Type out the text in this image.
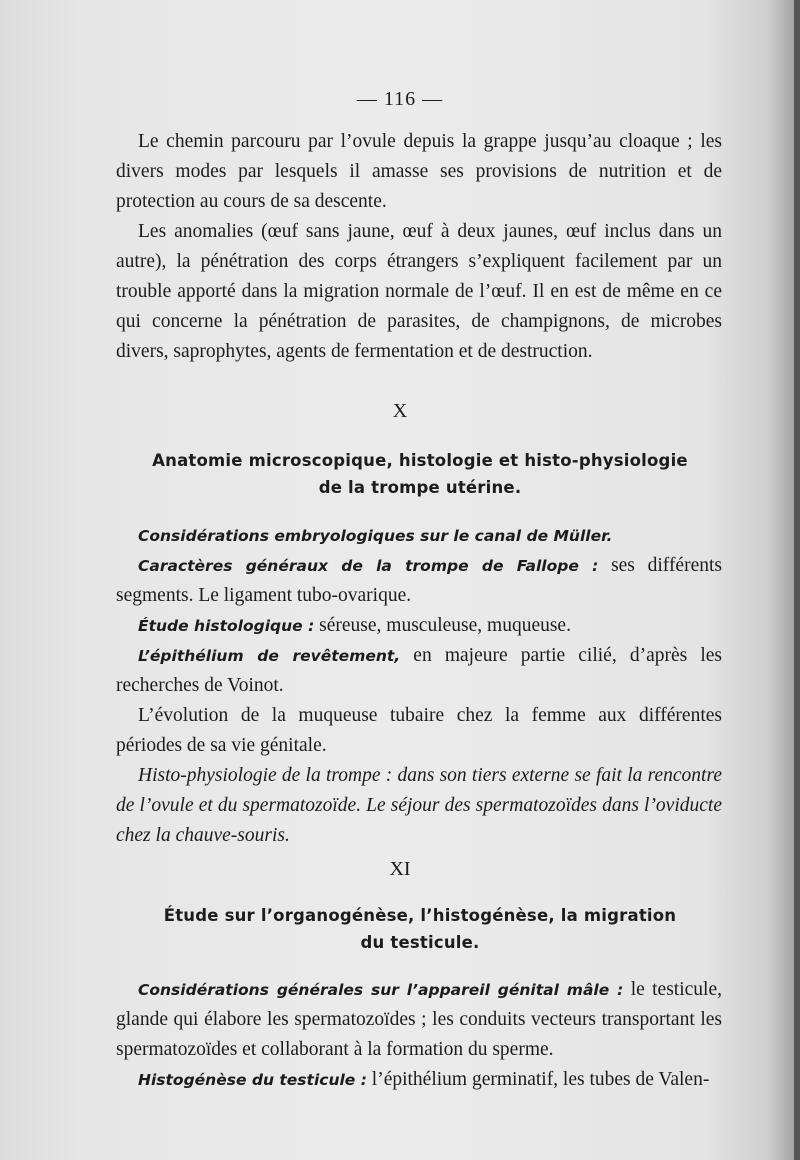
— 116 —

Le chemin parcouru par l’ovule depuis la grappe jusqu’au cloaque ; les divers modes par lesquels il amasse ses provisions de nutrition et de protection au cours de sa descente.

Les anomalies (œuf sans jaune, œuf à deux jaunes, œuf inclus dans un autre), la pénétration des corps étrangers s’expliquent facilement par un trouble apporté dans la migration normale de l’œuf. Il en est de même en ce qui concerne la pénétration de parasites, de champignons, de microbes divers, saprophytes, agents de fermentation et de destruction.

X
Anatomie microscopique, histologie et histo-physiologie
de la trompe utérine.

Considérations embryologiques sur le canal de Müller.

Caractères généraux de la trompe de Fallope : ses différents segments. Le ligament tubo-ovarique.

Étude histologique : séreuse, musculeuse, muqueuse.

L’épithélium de revêtement, en majeure partie cilié, d’après les recherches de Voinot.

L’évolution de la muqueuse tubaire chez la femme aux différentes périodes de sa vie génitale.

Histo-physiologie de la trompe : dans son tiers externe se fait la rencontre de l’ovule et du spermatozoïde. Le séjour des spermatozoïdes dans l’oviducte chez la chauve-souris.

XI
Étude sur l’organogénèse, l’histogénèse, la migration
du testicule.

Considérations générales sur l’appareil génital mâle : le testicule, glande qui élabore les spermatozoïdes ; les conduits vecteurs transportant les spermatozoïdes et collaborant à la formation du sperme.

Histogénèse du testicule : l’épithélium germinatif, les tubes de Valen-
